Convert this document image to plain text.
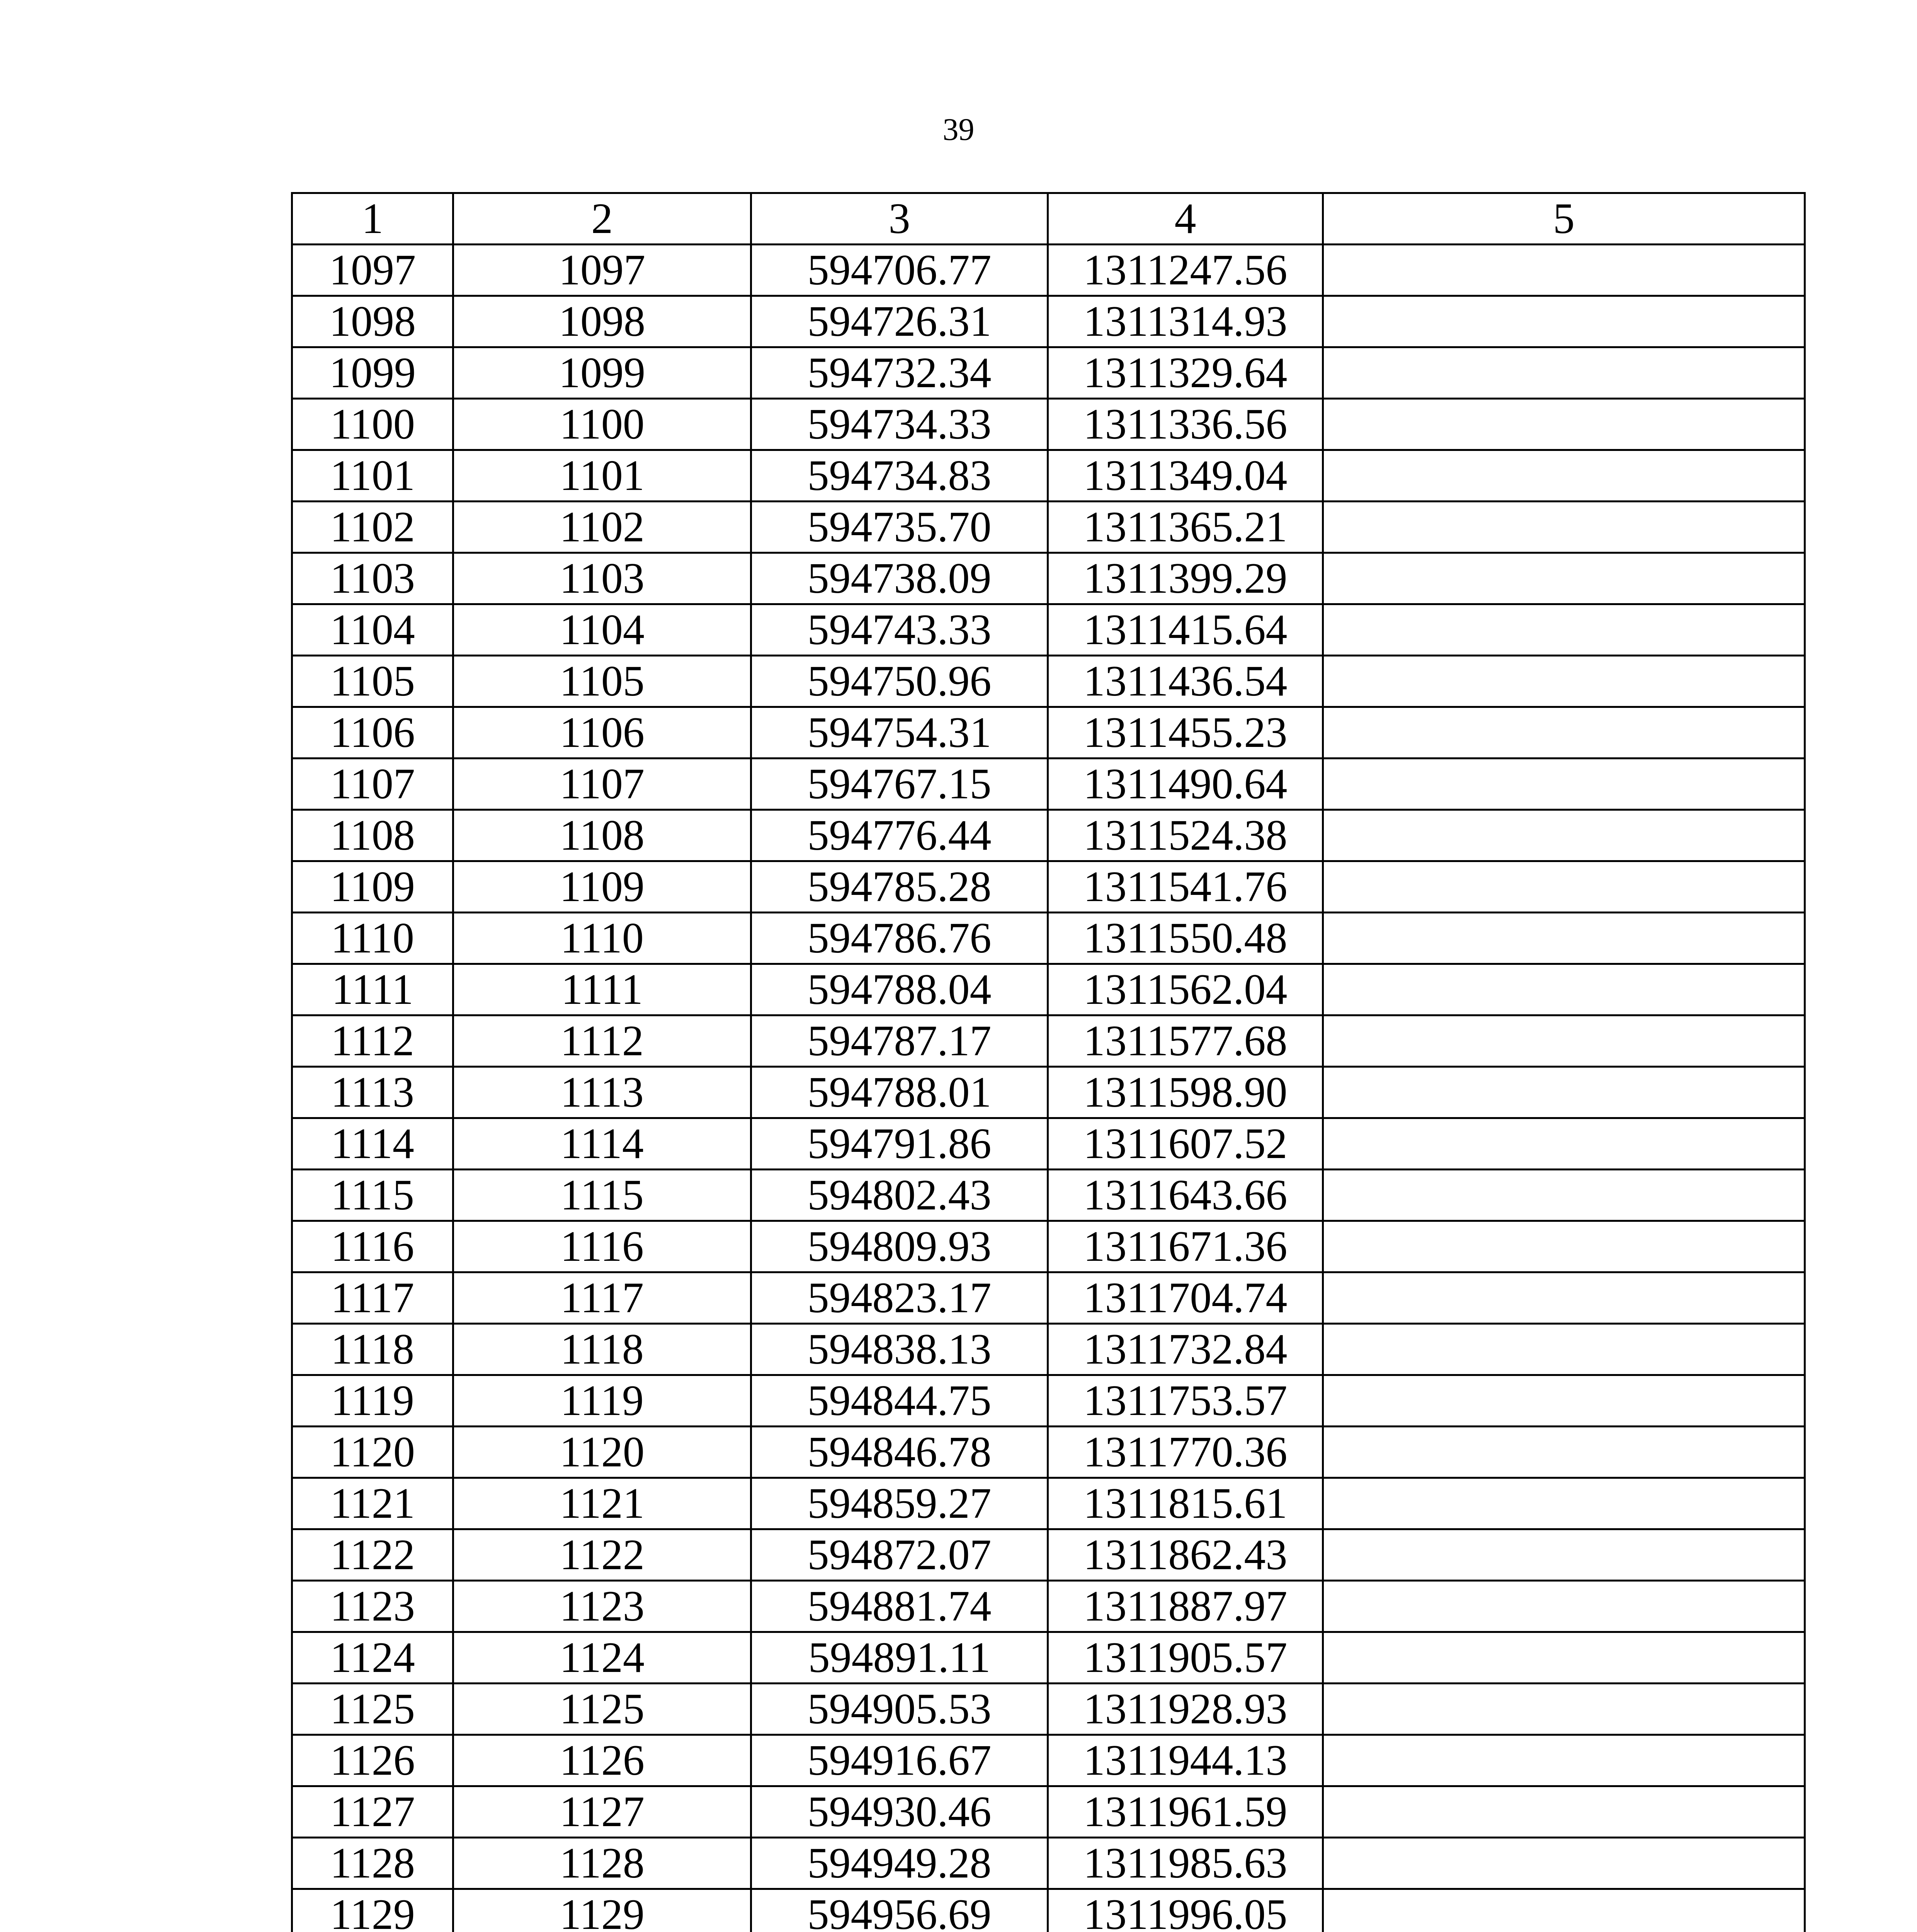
39
1	2	3	4	5
1097	1097	594706.77	1311247.56	
1098	1098	594726.31	1311314.93	
1099	1099	594732.34	1311329.64	
1100	1100	594734.33	1311336.56	
1101	1101	594734.83	1311349.04	
1102	1102	594735.70	1311365.21	
1103	1103	594738.09	1311399.29	
1104	1104	594743.33	1311415.64	
1105	1105	594750.96	1311436.54	
1106	1106	594754.31	1311455.23	
1107	1107	594767.15	1311490.64	
1108	1108	594776.44	1311524.38	
1109	1109	594785.28	1311541.76	
1110	1110	594786.76	1311550.48	
1111	1111	594788.04	1311562.04	
1112	1112	594787.17	1311577.68	
1113	1113	594788.01	1311598.90	
1114	1114	594791.86	1311607.52	
1115	1115	594802.43	1311643.66	
1116	1116	594809.93	1311671.36	
1117	1117	594823.17	1311704.74	
1118	1118	594838.13	1311732.84	
1119	1119	594844.75	1311753.57	
1120	1120	594846.78	1311770.36	
1121	1121	594859.27	1311815.61	
1122	1122	594872.07	1311862.43	
1123	1123	594881.74	1311887.97	
1124	1124	594891.11	1311905.57	
1125	1125	594905.53	1311928.93	
1126	1126	594916.67	1311944.13	
1127	1127	594930.46	1311961.59	
1128	1128	594949.28	1311985.63	
1129	1129	594956.69	1311996.05	
